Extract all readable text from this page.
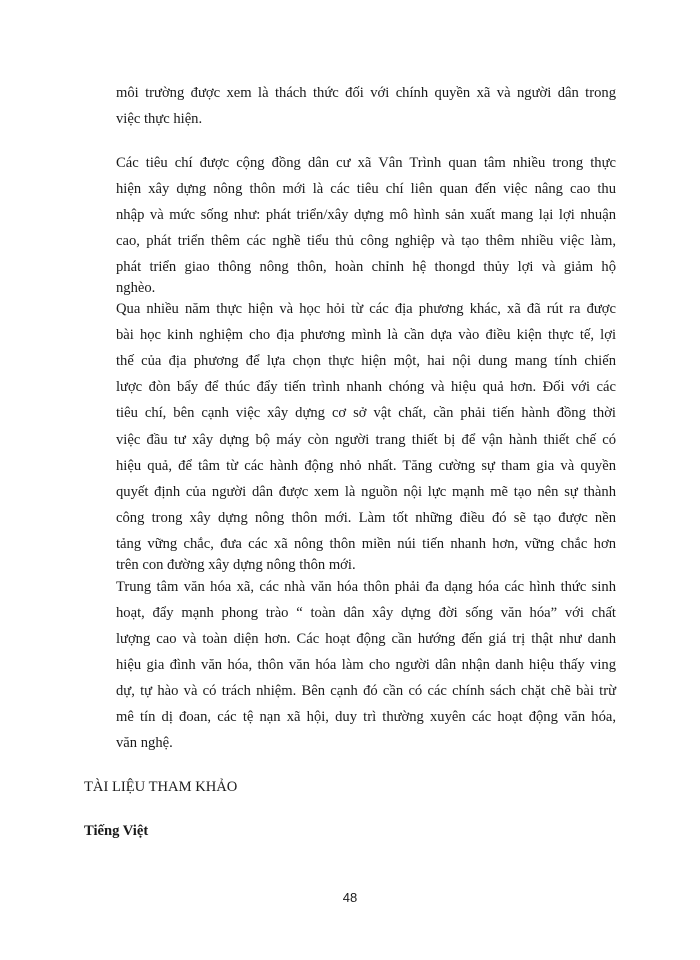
môi trường được xem là thách thức đối với chính quyền xã và người dân trong
việc thực hiện.
Các tiêu chí được cộng đồng dân cư xã Vân Trình quan tâm nhiều trong thực
hiện xây dựng nông thôn mới là các tiêu chí liên quan đến việc nâng cao thu
nhập và mức sống như: phát triển/xây dựng mô hình sản xuất mang lại lợi nhuận
cao, phát triển thêm các nghề tiểu thủ công nghiệp và tạo thêm nhiều việc làm,
phát triển giao thông nông thôn, hoàn chỉnh hệ thongd thủy lợi và giảm hộ
nghèo.
Qua nhiều năm thực hiện và học hỏi từ các địa phương khác, xã đã rút ra được
bài học kinh nghiệm cho địa phương mình là cần dựa vào điều kiện thực tế, lợi
thế của địa phương để lựa chọn thực hiện một, hai nội dung mang tính chiến
lược đòn bẩy để thúc đẩy tiến trình nhanh chóng và hiệu quả hơn. Đối với các
tiêu chí, bên cạnh việc xây dựng cơ sở vật chất, cần phải tiến hành đồng thời
việc đầu tư xây dựng bộ máy còn người trang thiết bị để vận hành thiết chế có
hiệu quả, để tâm từ các hành động nhỏ nhất. Tăng cường sự tham gia và quyền
quyết định của người dân được xem là nguồn nội lực mạnh mẽ tạo nên sự thành
công trong xây dựng nông thôn mới. Làm tốt những điều đó sẽ tạo được nền
tảng vững chắc, đưa các xã nông thôn miền núi tiến nhanh hơn, vững chắc hơn
trên con đường xây dựng nông thôn mới.
Trung tâm văn hóa xã, các nhà văn hóa thôn phải đa dạng hóa các hình thức sinh
hoạt, đẩy mạnh phong trào “ toàn dân xây dựng đời sống văn hóa” với chất
lượng cao và toàn diện hơn. Các hoạt động cần hướng đến giá trị thật như danh
hiệu gia đình văn hóa, thôn văn hóa làm cho người dân nhận danh hiệu thấy ving
dự, tự hào và có trách nhiệm. Bên cạnh đó cần có các chính sách chặt chẽ bài trừ
mê tín dị đoan, các tệ nạn xã hội, duy trì thường xuyên các hoạt động văn hóa,
văn nghệ.
TÀI LIỆU THAM KHẢO
Tiếng Việt
48
